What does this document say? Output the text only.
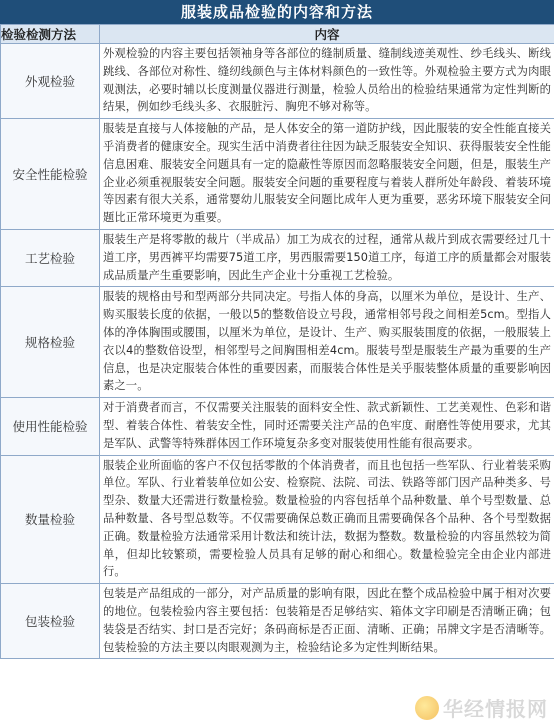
服装成品检验的内容和方法
检验检测方法	内容
外观检验	外观检验的内容主要包括领袖身等各部位的缝制质量、缝制线迹美观性、纱毛线头、断线跳线、各部位对称性、缝纫线颜色与主体材料颜色的一致性等。外观检验主要方式为肉眼观测法，必要时辅以长度测量仪器进行测量，检验人员给出的检验结果通常为定性判断的结果，例如纱毛线头多、衣服脏污、胸兜不够对称等。
安全性能检验	服装是直接与人体接触的产品，是人体安全的第一道防护线，因此服装的安全性能直接关乎消费者的健康安全。现实生活中消费者往往因为缺乏服装安全知识、获得服装安全性能信息困难、服装安全问题具有一定的隐蔽性等原因而忽略服装安全问题，但是，服装生产企业必须重视服装安全问题。服装安全问题的重要程度与着装人群所处年龄段、着装环境等因素有很大关系，通常婴幼儿服装安全问题比成年人更为重要，恶劣环境下服装安全问题比正常环境更为重要。
工艺检验	服装生产是将零散的裁片（半成品）加工为成衣的过程，通常从裁片到成衣需要经过几十道工序，男西裤平均需要75道工序，男西服需要150道工序，每道工序的质量都会对服装成品质量产生重要影响，因此生产企业十分重视工艺检验。
规格检验	服装的规格由号和型两部分共同决定。号指人体的身高，以厘米为单位，是设计、生产、购买服装长度的依据，一般以5的整数倍设立号段，通常相邻号段之间相差5cm。型指人体的净体胸围或腰围，以厘米为单位，是设计、生产、购买服装围度的依据，一般服装上衣以4的整数倍设型，相邻型号之间胸围相差4cm。服装号型是服装生产最为重要的生产信息，也是决定服装合体性的重要因素，而服装合体性是关乎服装整体质量的重要影响因素之一。
使用性能检验	对于消费者而言，不仅需要关注服装的面料安全性、款式新颖性、工艺美观性、色彩和谐型、着装合体性、着装安全性，同时还需要关注产品的色牢度、耐磨性等使用要求，尤其是军队、武警等特殊群体因工作环境复杂多变对服装使用性能有很高要求。
数量检验	服装企业所面临的客户不仅包括零散的个体消费者，而且也包括一些军队、行业着装采购单位。军队、行业着装单位如公安、检察院、法院、司法、铁路等部门因产品种类多、号型杂、数量大还需进行数量检验。数量检验的内容包括单个品种数量、单个号型数量、总品种数量、各号型总数等。不仅需要确保总数正确而且需要确保各个品种、各个号型数据正确。数量检验方法通常采用计数法和统计法，数据为整数。数量检验的内容虽然较为简单，但却比较繁琐，需要检验人员具有足够的耐心和细心。数量检验完全由企业内部进行。
包装检验	包装是产品组成的一部分，对产品质量的影响有限，因此在整个成品检验中属于相对次要的地位。包装检验内容主要包括：包装箱是否足够结实、箱体文字印刷是否清晰正确；包装袋是否结实、封口是否完好；条码商标是否正面、清晰、正确；吊牌文字是否清晰等。包装检验的方法主要以肉眼观测为主，检验结论多为定性判断结果。
华经情报网
